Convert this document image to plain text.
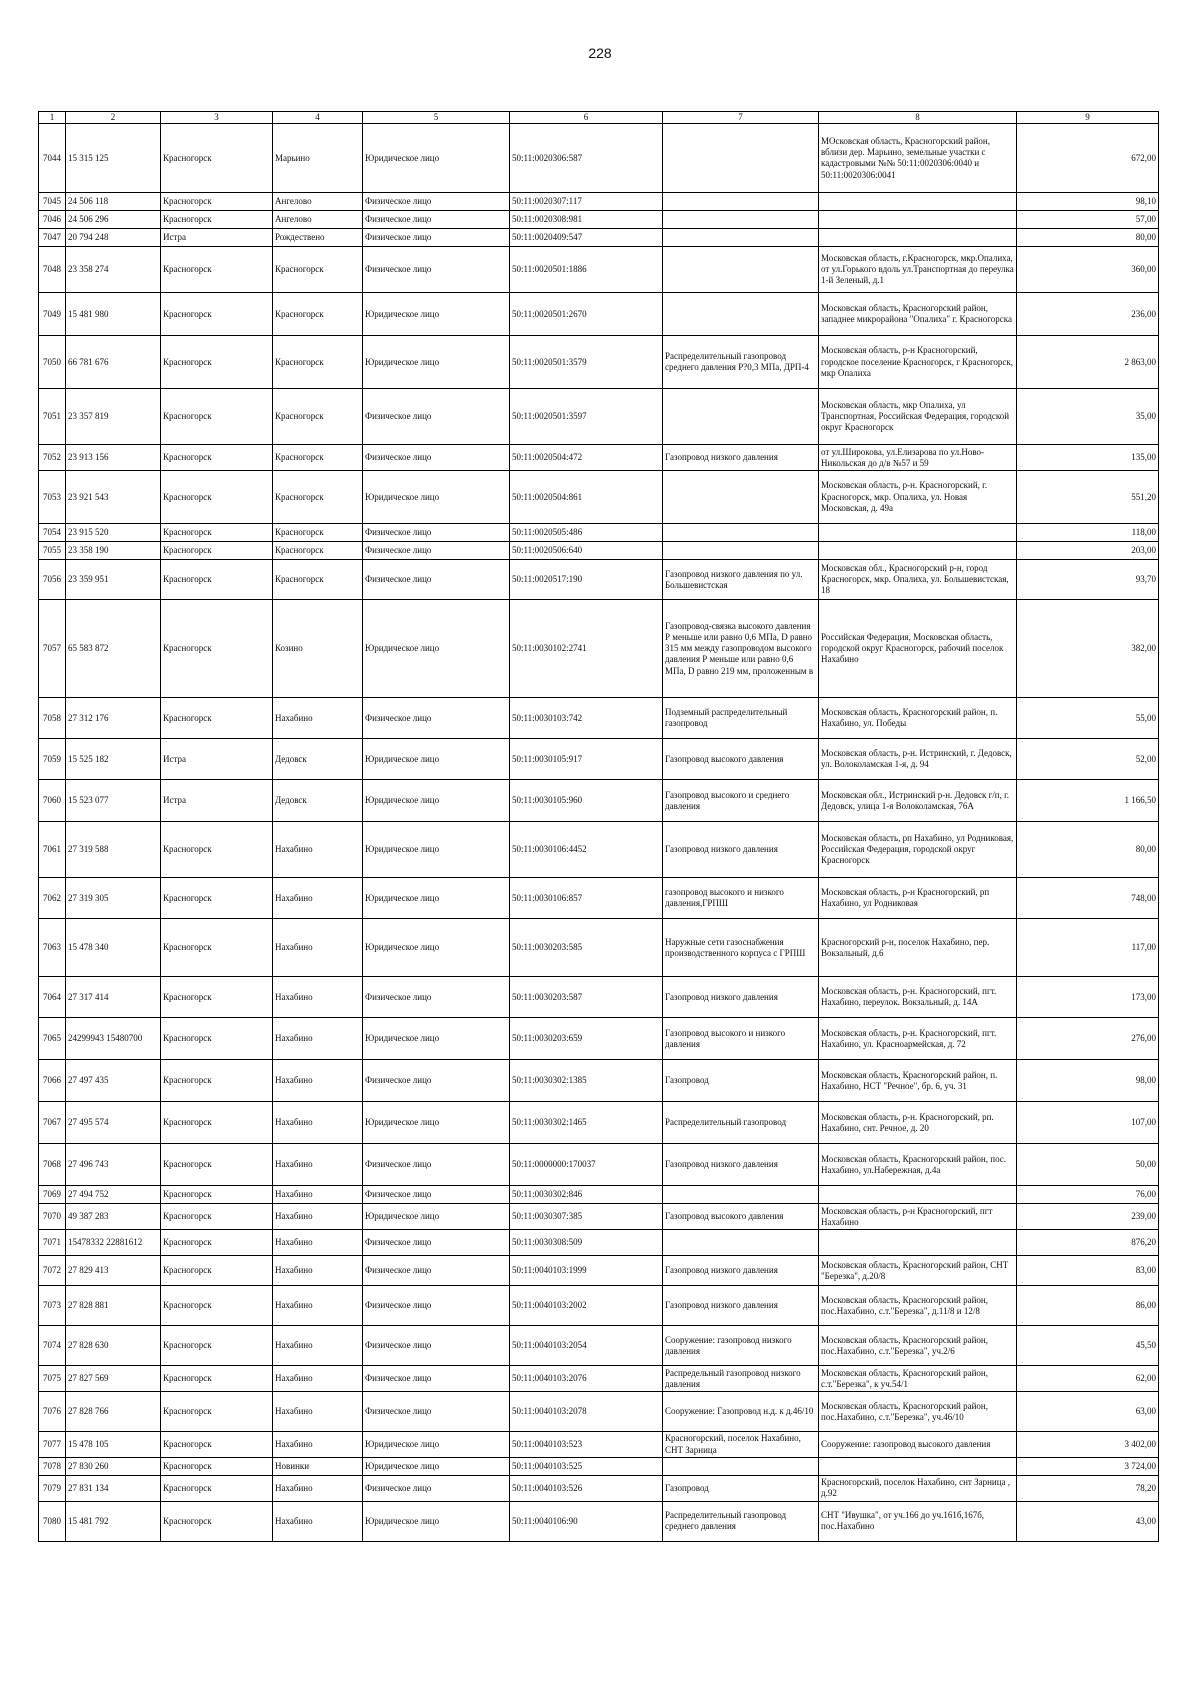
228
1	2	3	4	5	6	7	8	9
7044	15 315 125	Красногорск	Марьино	Юридическое лицо	50:11:0020306:587		МОсковская область, Красногорский район, вблизи дер. Марьино, земельные участки с кадастровыми №№ 50:11:0020306:0040 и 50:11:0020306:0041	672,00
7045	24 506 118	Красногорск	Ангелово	Физическое лицо	50:11:0020307:117			98,10
7046	24 506 296	Красногорск	Ангелово	Физическое лицо	50:11:0020308:981			57,00
7047	20 794 248	Истра	Рождествено	Физическое лицо	50:11:0020409:547			80,00
7048	23 358 274	Красногорск	Красногорск	Физическое лицо	50:11:0020501:1886		Московская область, г.Красногорск, мкр.Опалиха, от ул.Горького вдоль ул.Транспортная до переулка 1-й Зеленый, д.1	360,00
7049	15 481 980	Красногорск	Красногорск	Юридическое лицо	50:11:0020501:2670		Московская область, Красногорский район, западнее микрорайона "Опалиха" г. Красногорска	236,00
7050	66 781 676	Красногорск	Красногорск	Юридическое лицо	50:11:0020501:3579	Распределительный газопровод среднего давления Р?0,3 МПа, ДРП-4	Московская область, р-н Красногорский, городское поселение Красногорск, г Красногорск, мкр Опалиха	2 863,00
7051	23 357 819	Красногорск	Красногорск	Физическое лицо	50:11:0020501:3597		Московская область, мкр Опалиха, ул Транспортная, Российская Федерация, городской округ Красногорск	35,00
7052	23 913 156	Красногорск	Красногорск	Физическое лицо	50:11:0020504:472	Газопровод низкого давления	от ул.Широкова, ул.Елизарова по ул.Ново-Никольская до д/в №57 и 59	135,00
7053	23 921 543	Красногорск	Красногорск	Юридическое лицо	50:11:0020504:861		Московская область, р-н. Красногорский, г. Красногорск, мкр. Опалиха, ул. Новая Московская, д. 49а	551,20
7054	23 915 520	Красногорск	Красногорск	Физическое лицо	50:11:0020505:486			118,00
7055	23 358 190	Красногорск	Красногорск	Физическое лицо	50:11:0020506:640			203,00
7056	23 359 951	Красногорск	Красногорск	Физическое лицо	50:11:0020517:190	Газопровод низкого давления по ул. Большевистская	Московская обл., Красногорский р-н, город Красногорск, мкр. Опалиха, ул. Большевистская, 18	93,70
7057	65 583 872	Красногорск	Козино	Юридическое лицо	50:11:0030102:2741	Газопровод-связка высокого давления Р меньше или равно 0,6 МПа, D равно 315 мм между газопроводом высокого давления Р меньше или равно 0,6 МПа, D равно 219 мм, проложенным в	Российская Федерация, Московская область, городской округ Красногорск, рабочий поселок Нахабино	382,00
7058	27 312 176	Красногорск	Нахабино	Физическое лицо	50:11:0030103:742	Подземный распределительный газопровод	Московская область, Красногорский район, п. Нахабино, ул. Победы	55,00
7059	15 525 182	Истра	Дедовск	Юридическое лицо	50:11:0030105:917	Газопровод высокого давления	Московская область, р-н. Истринский, г. Дедовск, ул. Волоколамская 1-я, д. 94	52,00
7060	15 523 077	Истра	Дедовск	Юридическое лицо	50:11:0030105:960	Газопровод высокого и среднего давления	Московская обл., Истринский р-н. Дедовск г/п, г. Дедовск, улица 1-я Волоколамская, 76А	1 166,50
7061	27 319 588	Красногорск	Нахабино	Юридическое лицо	50:11:0030106:4452	Газопровод низкого давления	Московская область, рп Нахабино, ул Родниковая, Российская Федерация, городской округ Красногорск	80,00
7062	27 319 305	Красногорск	Нахабино	Юридическое лицо	50:11:0030106:857	газопровод высокого и низкого давления,ГРПШ	Московская область, р-н Красногорский, рп Нахабино, ул Родниковая	748,00
7063	15 478 340	Красногорск	Нахабино	Юридическое лицо	50:11:0030203:585	Наружные сети газоснабжения производственного корпуса с ГРПШ	Красногорский р-н, поселок Нахабино, пер. Вокзальный, д.6	117,00
7064	27 317 414	Красногорск	Нахабино	Физическое лицо	50:11:0030203:587	Газопровод низкого давления	Московская область, р-н. Красногорский, пгт. Нахабино, переулок. Вокзальный, д. 14А	173,00
7065	24299943 15480700	Красногорск	Нахабино	Юридическое лицо	50:11:0030203:659	Газопровод высокого и низкого давления	Московская область, р-н. Красногорский, пгт. Нахабино, ул. Красноармейская, д. 72	276,00
7066	27 497 435	Красногорск	Нахабино	Физическое лицо	50:11:0030302:1385	Газопровод	Московская область, Красногорский район, п. Нахабино, НСТ "Речное", бр. 6, уч. 31	98,00
7067	27 495 574	Красногорск	Нахабино	Юридическое лицо	50:11:0030302:1465	Распределительный газопровод	Московская область, р-н. Красногорский, рп. Нахабино, снт. Речное, д. 20	107,00
7068	27 496 743	Красногорск	Нахабино	Физическое лицо	50:11:0000000:170037	Газопровод низкого давления	Московская область, Красногорский район, пос. Нахабино, ул.Набережная, д.4а	50,00
7069	27 494 752	Красногорск	Нахабино	Физическое лицо	50:11:0030302:846			76,00
7070	49 387 283	Красногорск	Нахабино	Юридическое лицо	50:11:0030307:385	Газопровод высокого давления	Московская область, р-н Красногорский, пгт Нахабино	239,00
7071	15478332 22881612	Красногорск	Нахабино	Физическое лицо	50:11:0030308:509			876,20
7072	27 829 413	Красногорск	Нахабино	Физическое лицо	50:11:0040103:1999	Газопровод низкого давления	Московская область, Красногорский район, СНТ "Березка", д.20/8	83,00
7073	27 828 881	Красногорск	Нахабино	Физическое лицо	50:11:0040103:2002	Газопровод низкого давления	Московская область, Красногорский район, пос.Нахабино, с.т."Березка", д.11/8 и 12/8	86,00
7074	27 828 630	Красногорск	Нахабино	Физическое лицо	50:11:0040103:2054	Сооружение: газопровод низкого давления	Московская область, Красногорский район, пос.Нахабино, с.т."Березка", уч.2/6	45,50
7075	27 827 569	Красногорск	Нахабино	Физическое лицо	50:11:0040103:2076	Распредельный газопровод низкого давления	Московская область, Красногорский район, с.т."Березка", к уч.54/1	62,00
7076	27 828 766	Красногорск	Нахабино	Физическое лицо	50:11:0040103:2078	Сооружение: Газопровод н.д. к д.46/10	Московская область, Красногорский район, пос.Нахабино, с.т."Березка", уч.46/10	63,00
7077	15 478 105	Красногорск	Нахабино	Юридическое лицо	50:11:0040103:523	Красногорский, поселок Нахабино, СНТ Зарница	Сооружение: газопровод высокого давления	3 402,00
7078	27 830 260	Красногорск	Новинки	Юридическое лицо	50:11:0040103:525			3 724,00
7079	27 831 134	Красногорск	Нахабино	Физическое лицо	50:11:0040103:526	Газопровод	Красногорский, поселок Нахабино, снт Зарница , д.92	78,20
7080	15 481 792	Красногорск	Нахабино	Юридическое лицо	50:11:0040106:90	Распределительный газопровод среднего давления	СНТ "Ивушка", от уч.166 до уч.161б,167б, пос.Нахабино	43,00
